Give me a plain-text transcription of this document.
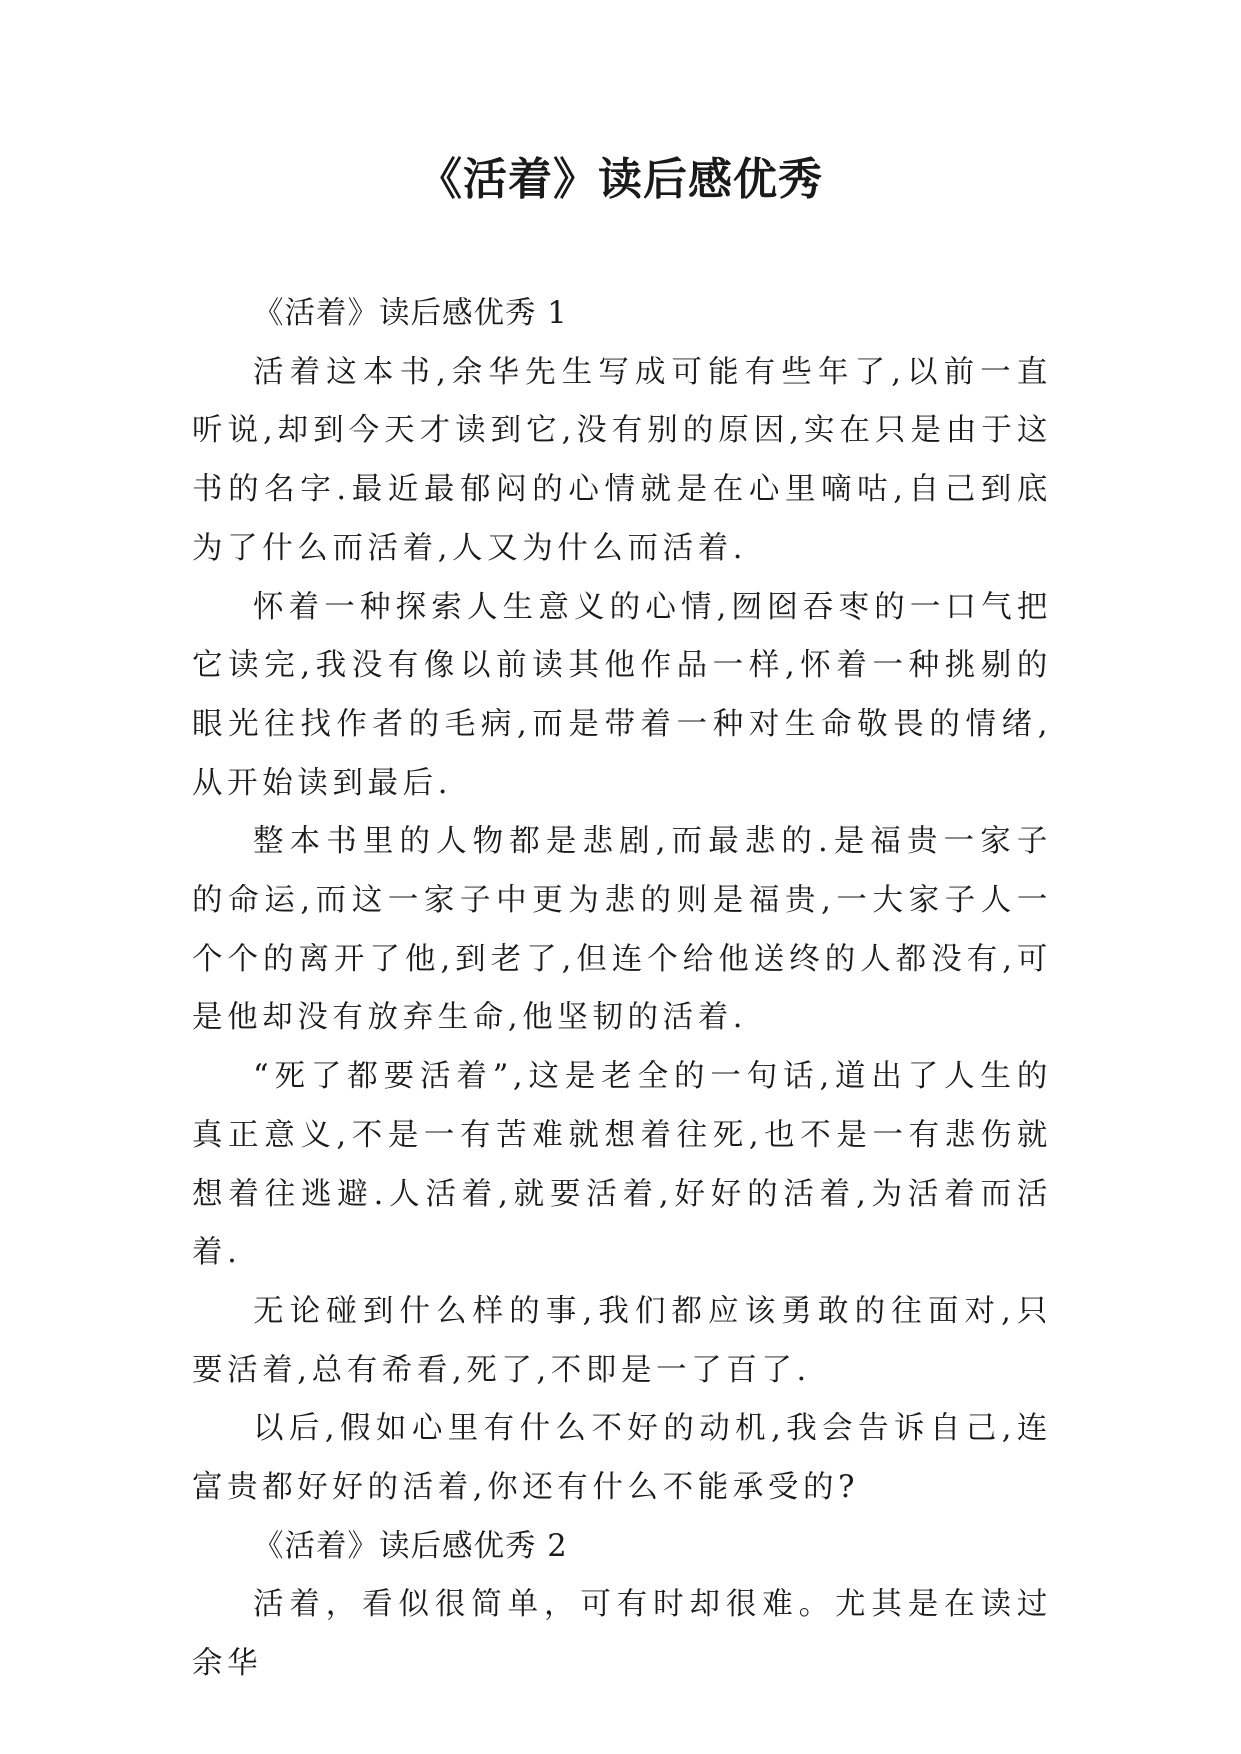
《活着》读后感优秀

《活着》读后感优秀 1

活着这本书,余华先生写成可能有些年了,以前一直听说,却到今天才读到它,没有别的原因,实在只是由于这书的名字.最近最郁闷的心情就是在心里嘀咕,自己到底为了什么而活着,人又为什么而活着.

怀着一种探索人生意义的心情,囫囵吞枣的一口气把它读完,我没有像以前读其他作品一样,怀着一种挑剔的眼光往找作者的毛病,而是带着一种对生命敬畏的情绪,从开始读到最后.

整本书里的人物都是悲剧,而最悲的.是福贵一家子的命运,而这一家子中更为悲的则是福贵,一大家子人一个个的离开了他,到老了,但连个给他送终的人都没有,可是他却没有放弃生命,他坚韧的活着.

“死了都要活着”,这是老全的一句话,道出了人生的真正意义,不是一有苦难就想着往死,也不是一有悲伤就想着往逃避.人活着,就要活着,好好的活着,为活着而活着.

无论碰到什么样的事,我们都应该勇敢的往面对,只要活着,总有希看,死了,不即是一了百了.

以后,假如心里有什么不好的动机,我会告诉自己,连富贵都好好的活着,你还有什么不能承受的?

《活着》读后感优秀 2

活着，看似很简单，可有时却很难。尤其是在读过余华
